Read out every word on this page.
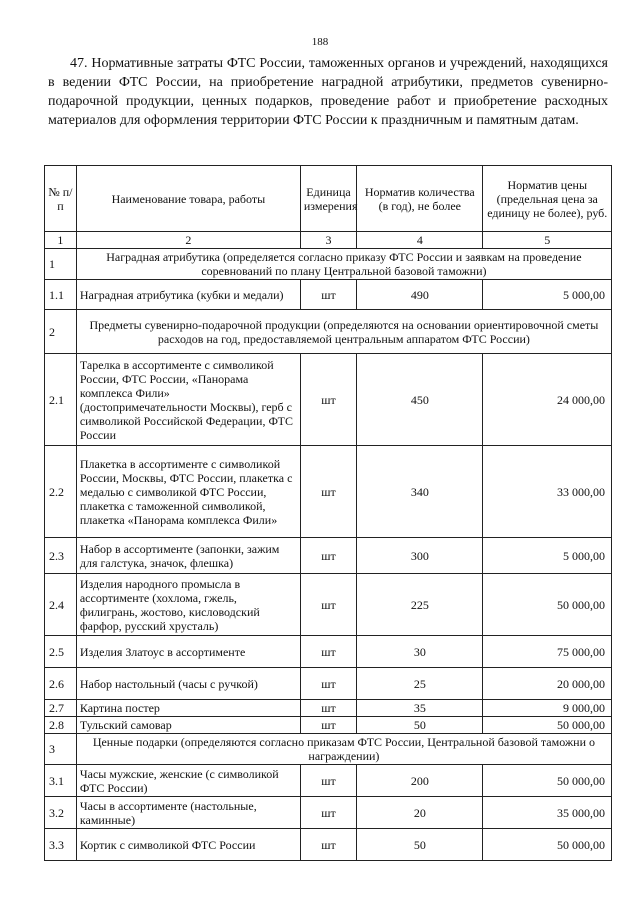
188

47. Нормативные затраты ФТС России, таможенных органов и учреждений, находящихся в ведении ФТС России, на приобретение наградной атрибутики, предметов сувенирно-подарочной продукции, ценных подарков, проведение работ и приобретение расходных материалов для оформления территории ФТС России к праздничным и памятным датам.

№ п/п	Наименование товара, работы	Единица измерения	Норматив количества (в год), не более	Норматив цены (предельная цена за единицу не более), руб.
1	2	3	4	5
1	Наградная атрибутика (определяется согласно приказу ФТС России и заявкам на проведение соревнований по плану Центральной базовой таможни)			
1.1	Наградная атрибутика (кубки и медали)	шт	490	5 000,00
2	Предметы сувенирно-подарочной продукции (определяются на основании ориентировочной сметы расходов на год, предоставляемой центральным аппаратом ФТС России)			
2.1	Тарелка в ассортименте с символикой России, ФТС России, «Панорама комплекса Фили» (достопримечательности Москвы), герб с символикой Российской Федерации, ФТС России	шт	450	24 000,00
2.2	Плакетка в ассортименте с символикой России, Москвы, ФТС России, плакетка с медалью с символикой ФТС России, плакетка с таможенной символикой, плакетка «Панорама комплекса Фили»	шт	340	33 000,00
2.3	Набор в ассортименте (запонки, зажим для галстука, значок, флешка)	шт	300	5 000,00
2.4	Изделия народного промысла в ассортименте (хохлома, гжель, филигрань, жостово, кисловодский фарфор, русский хрусталь)	шт	225	50 000,00
2.5	Изделия Златоус в ассортименте	шт	30	75 000,00
2.6	Набор настольный (часы с ручкой)	шт	25	20 000,00
2.7	Картина постер	шт	35	9 000,00
2.8	Тульский самовар	шт	50	50 000,00
3	Ценные подарки (определяются согласно приказам ФТС России, Центральной базовой таможни о награждении)			
3.1	Часы мужские, женские (с символикой ФТС России)	шт	200	50 000,00
3.2	Часы в ассортименте (настольные, каминные)	шт	20	35 000,00
3.3	Кортик с символикой ФТС России	шт	50	50 000,00
